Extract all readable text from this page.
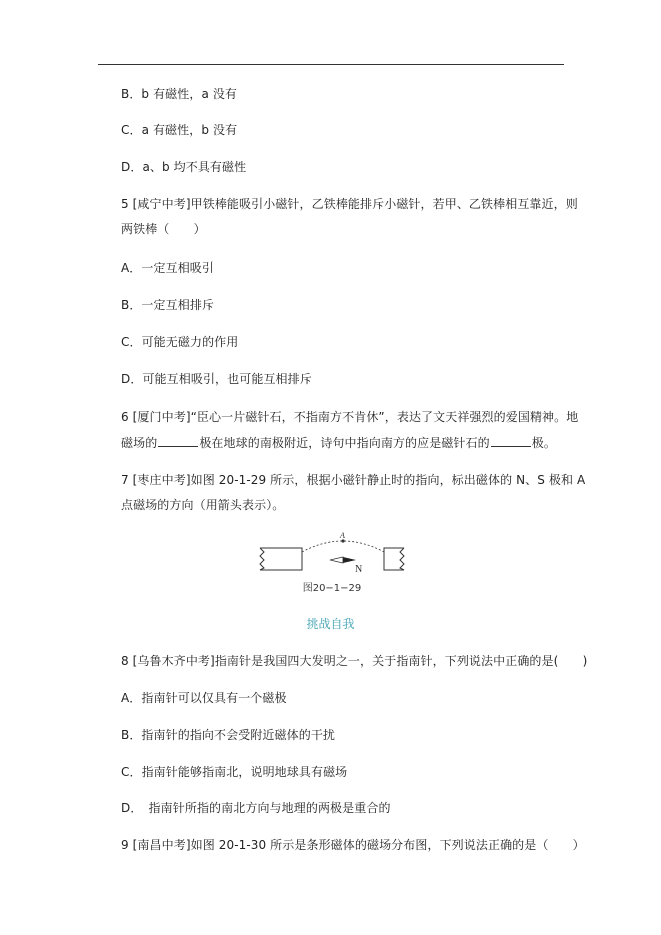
B．b 有磁性，a 没有
C．a 有磁性，b 没有
D．a、b 均不具有磁性
5 [咸宁中考]甲铁棒能吸引小磁针，乙铁棒能排斥小磁针，若甲、乙铁棒相互靠近，则
两铁棒（　　）
A．一定互相吸引
B．一定互相排斥
C．可能无磁力的作用
D．可能互相吸引，也可能互相排斥
6 [厦门中考]“臣心一片磁针石，不指南方不肯休”，表达了文天祥强烈的爱国精神。地
磁场的	极在地球的南极附近，诗句中指向南方的应是磁针石的	极。
7 [枣庄中考]如图 20-1-29 所示，根据小磁针静止时的指向，标出磁体的 N、S 极和 A
点磁场的方向（用箭头表示）。
A
N
图20−1−29
挑战自我
8 [乌鲁木齐中考]指南针是我国四大发明之一，关于指南针，下列说法中正确的是(　　)
A．指南针可以仅具有一个磁极
B．指南针的指向不会受附近磁体的干扰
C．指南针能够指南北，说明地球具有磁场
D．　指南针所指的南北方向与地理的两极是重合的
9 [南昌中考]如图 20-1-30 所示是条形磁体的磁场分布图，下列说法正确的是（　　）
